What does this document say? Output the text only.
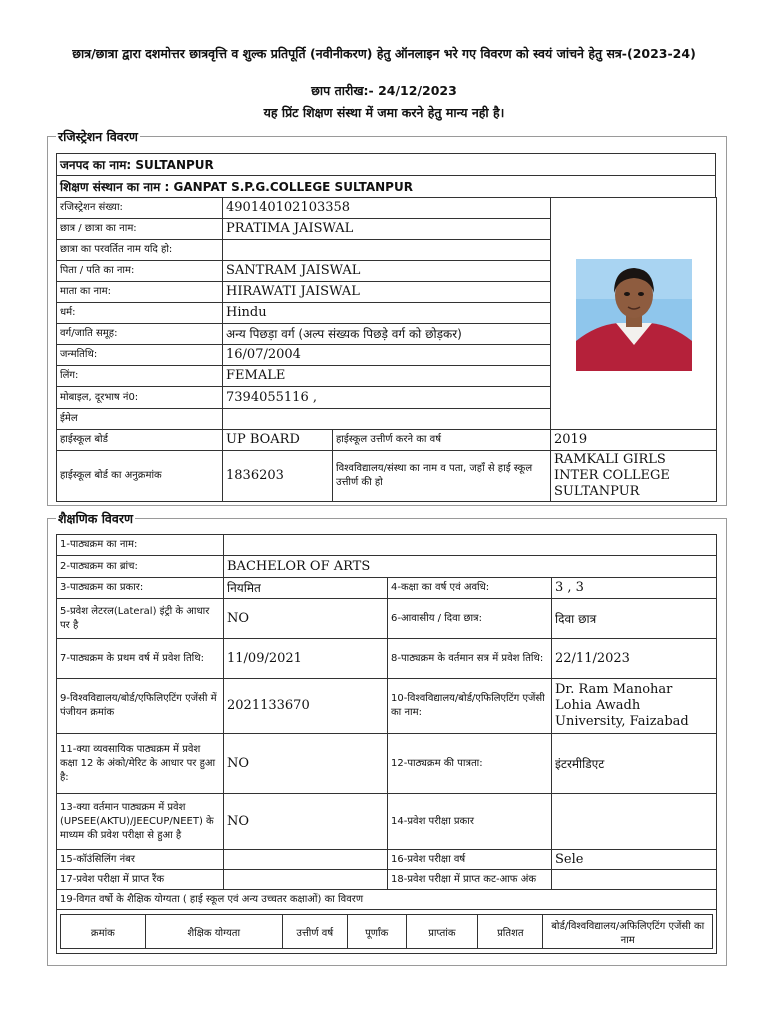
छात्र/छात्रा द्वारा दशमोत्तर छात्रवृत्ति व शुल्क प्रतिपूर्ति (नवीनीकरण) हेतु ऑनलाइन भरे गए विवरण को स्वयं जांचने हेतु सत्र-(2023-24)
छाप तारीख:- 24/12/2023
यह प्रिंट शिक्षण संस्था में जमा करने हेतु मान्य नही है।
रजिस्ट्रेशन विवरण
जनपद का नाम: SULTANPUR
शिक्षण संस्थान का नाम : GANPAT S.P.G.COLLEGE SULTANPUR
रजिस्ट्रेशन संख्या:	490140102103358		
छात्र / छात्रा का नाम:	PRATIMA JAISWAL		
छात्रा का परवर्तित नाम यदि हो:			
पिता / पति का नाम:	SANTRAM JAISWAL		
माता का नाम:	HIRAWATI JAISWAL		
धर्म:	Hindu		
वर्ग/जाति समूह:	अन्य पिछड़ा वर्ग (अल्प संख्यक पिछड़े वर्ग को छोड़कर)		
जन्मतिथि:	16/07/2004		
लिंग:	FEMALE		
मोबाइल, दूरभाष नं0:	7394055116 ,		
ईमेल			
हाईस्कूल बोर्ड	UP BOARD	हाईस्कूल उत्तीर्ण करने का वर्ष	2019
हाईस्कूल बोर्ड का अनुक्रमांक	1836203	विश्वविद्यालय/संस्था का नाम व पता, जहाँ से हाई स्कूल उत्तीर्ण की हो	RAMKALI GIRLS INTER COLLEGE SULTANPUR
शैक्षणिक विवरण
1-पाठ्यक्रम का नाम:	
2-पाठ्यक्रम का ब्रांच:	BACHELOR OF ARTS
3-पाठ्यक्रम का प्रकार:	नियमित	4-कक्षा का वर्ष एवं अवधि:	3 , 3
5-प्रवेश लेटरल(Lateral) इंट्री के आधार पर है	NO	6-आवासीय / दिवा छात्र:	दिवा छात्र
7-पाठ्यक्रम के प्रथम वर्ष में प्रवेश तिथि:	11/09/2021	8-पाठ्यक्रम के वर्तमान सत्र में प्रवेश तिथि:	22/11/2023
9-विश्वविद्यालय/बोर्ड/एफिलिएटिंग एजेंसी में पंजीयन क्रमांक	2021133670	10-विश्वविद्यालय/बोर्ड/एफिलिएटिंग एजेंसी का नाम:	Dr. Ram Manohar Lohia Awadh University, Faizabad
11-क्या व्यवसायिक पाठ्यक्रम में प्रवेश कक्षा 12 के अंको/मेरिट के आधार पर हुआ है:	NO	12-पाठ्यक्रम की पात्रता:	इंटरमीडिएट
13-क्या वर्तमान पाठ्यक्रम में प्रवेश (UPSEE(AKTU)/JEECUP/NEET) के माध्यम की प्रवेश परीक्षा से हुआ है	NO	14-प्रवेश परीक्षा प्रकार	
15-कॉउंसिलिंग नंबर		16-प्रवेश परीक्षा वर्ष	Sele
17-प्रवेश परीक्षा में प्राप्त रैंक		18-प्रवेश परीक्षा में प्राप्त कट-आफ अंक	
19-विगत वर्षो के शैक्षिक योग्यता ( हाई स्कूल एवं अन्य उच्चतर कक्षाओं) का विवरण

क्रमांक	शैक्षिक योग्यता	उत्तीर्ण वर्ष	पूर्णांक	प्राप्तांक	प्रतिशत	बोर्ड/विश्वविद्यालय/अफिलिएटिंग एजेंसी का नाम
